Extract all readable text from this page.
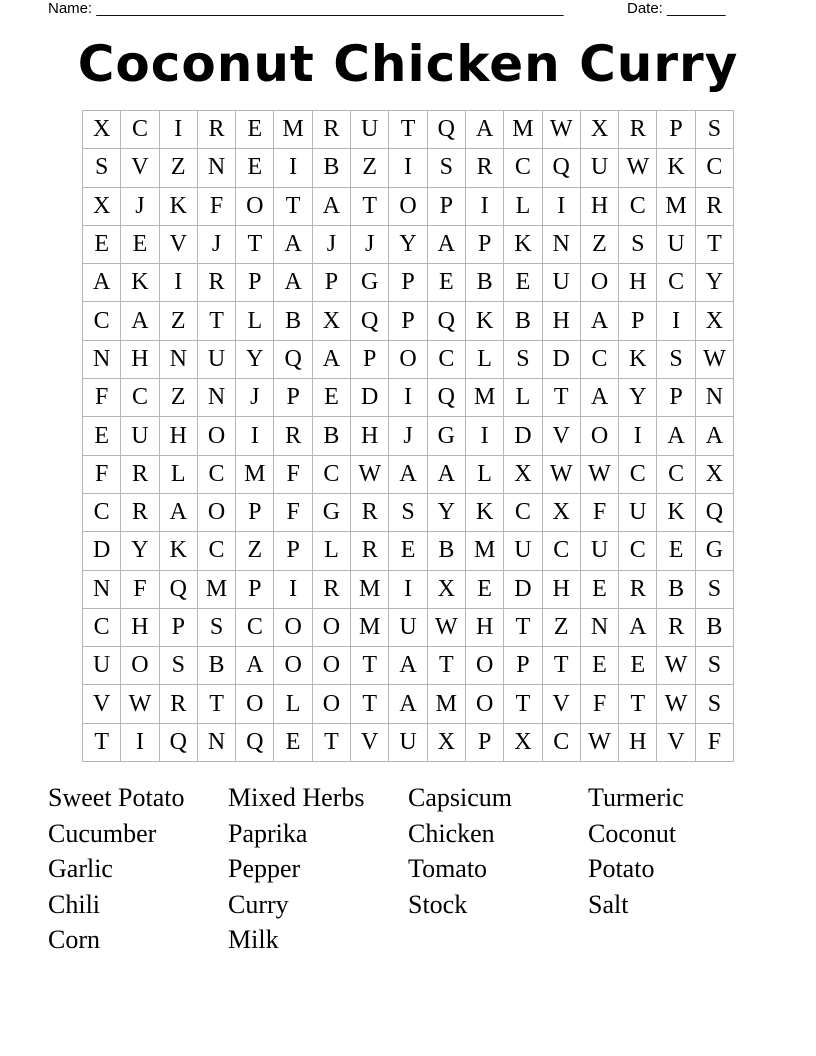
Name: ________________________________________________________	Date: _______
Coconut Chicken Curry
X C	I	R E M R U T Q A M W X R P	S
S V Z N E	I	B Z	I	S R C Q U W K C
X	J	K F O T A T O P	I	L	I	H C M R
E E V	J	T A	J	J	Y A P K N Z	S U T
A K	I	R P A P G P	E B E U O H C Y
C A Z T L B X Q P Q K B H A P	I	X
N H N U Y Q A P O C L	S D C K S W
F C Z N	J	P	E D	I	Q M L T A Y P N
E U H O	I	R B H	J	G	I	D V O	I	A A
F R L C M F C W A A L X W W C C X
C R A O P	F G R S Y K C X F U K Q
D Y K C Z	P	L R E B M U C U C E G
N F Q M P	I	R M I	X E D H E R B S
C H P	S C O O M U W H T Z N A R B
U O S B A O O T A T O P	T E E W S
V W R T O L O T A M O T V F	T W S
T	I	Q N Q E T V U X P X C W H V F
Sweet Potato	Mixed Herbs	Capsicum	Turmeric
Cucumber	Paprika	Chicken	Coconut
Garlic	Pepper	Tomato	Potato
Chili	Curry	Stock	Salt
Corn	Milk
